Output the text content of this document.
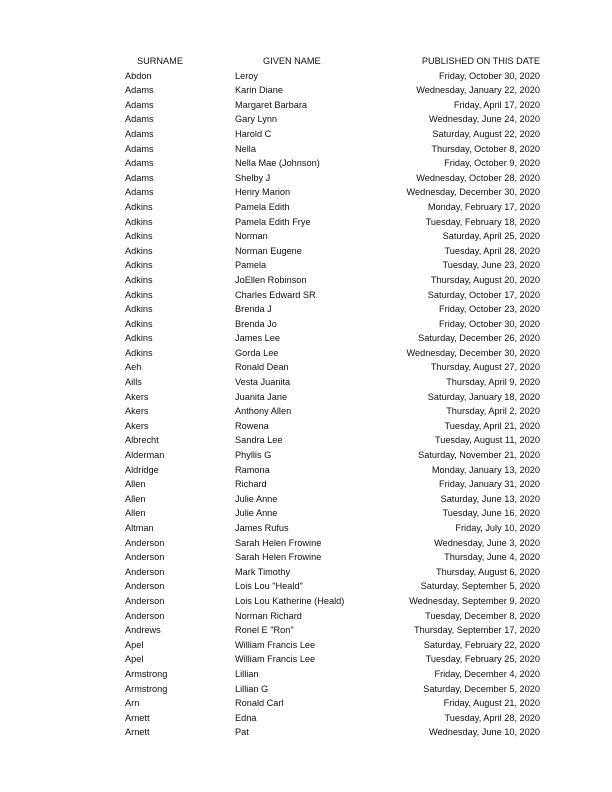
SURNAME	GIVEN NAME	PUBLISHED ON THIS DATE
Abdon	Leroy	Friday, October 30, 2020
Adams	Karin Diane	Wednesday, January 22, 2020
Adams	Margaret Barbara	Friday, April 17, 2020
Adams	Gary Lynn	Wednesday, June 24, 2020
Adams	Harold C	Saturday, August 22, 2020
Adams	Nella	Thursday, October 8, 2020
Adams	Nella Mae (Johnson)	Friday, October 9, 2020
Adams	Shelby J	Wednesday, October 28, 2020
Adams	Henry Marion	Wednesday, December 30, 2020
Adkins	Pamela Edith	Monday, February 17, 2020
Adkins	Pamela Edith Frye	Tuesday, February 18, 2020
Adkins	Norman	Saturday, April 25, 2020
Adkins	Norman Eugene	Tuesday, April 28, 2020
Adkins	Pamela	Tuesday, June 23, 2020
Adkins	JoEllen Robinson	Thursday, August 20, 2020
Adkins	Charles Edward SR	Saturday, October 17, 2020
Adkins	Brenda J	Friday, October 23, 2020
Adkins	Brenda Jo	Friday, October 30, 2020
Adkins	James Lee	Saturday, December 26, 2020
Adkins	Gorda Lee	Wednesday, December 30, 2020
Aeh	Ronald Dean	Thursday, August 27, 2020
Aills	Vesta Juanita	Thursday, April 9, 2020
Akers	Juanita Jane	Saturday, January 18, 2020
Akers	Anthony Allen	Thursday, April 2, 2020
Akers	Rowena	Tuesday, April 21, 2020
Albrecht	Sandra Lee	Tuesday, August 11, 2020
Alderman	Phyllis G	Saturday, November 21, 2020
Aldridge	Ramona	Monday, January 13, 2020
Allen	Richard	Friday, January 31, 2020
Allen	Julie Anne	Saturday, June 13, 2020
Allen	Julie Anne	Tuesday, June 16, 2020
Altman	James Rufus	Friday, July 10, 2020
Anderson	Sarah Helen Frowine	Wednesday, June 3, 2020
Anderson	Sarah Helen Frowine	Thursday, June 4, 2020
Anderson	Mark Timothy	Thursday, August 6, 2020
Anderson	Lois Lou "Heald"	Saturday, September 5, 2020
Anderson	Lois Lou Katherine (Heald)	Wednesday, September 9, 2020
Anderson	Norman Richard	Tuesday, December 8, 2020
Andrews	Ronel E "Ron"	Thursday, September 17, 2020
Apel	William Francis Lee	Saturday, February 22, 2020
Apel	William Francis Lee	Tuesday, February 25, 2020
Armstrong	Lillian	Friday, December 4, 2020
Armstrong	Lillian G	Saturday, December 5, 2020
Arn	Ronald Carl	Friday, August 21, 2020
Arnett	Edna	Tuesday, April 28, 2020
Arnett	Pat	Wednesday, June 10, 2020
